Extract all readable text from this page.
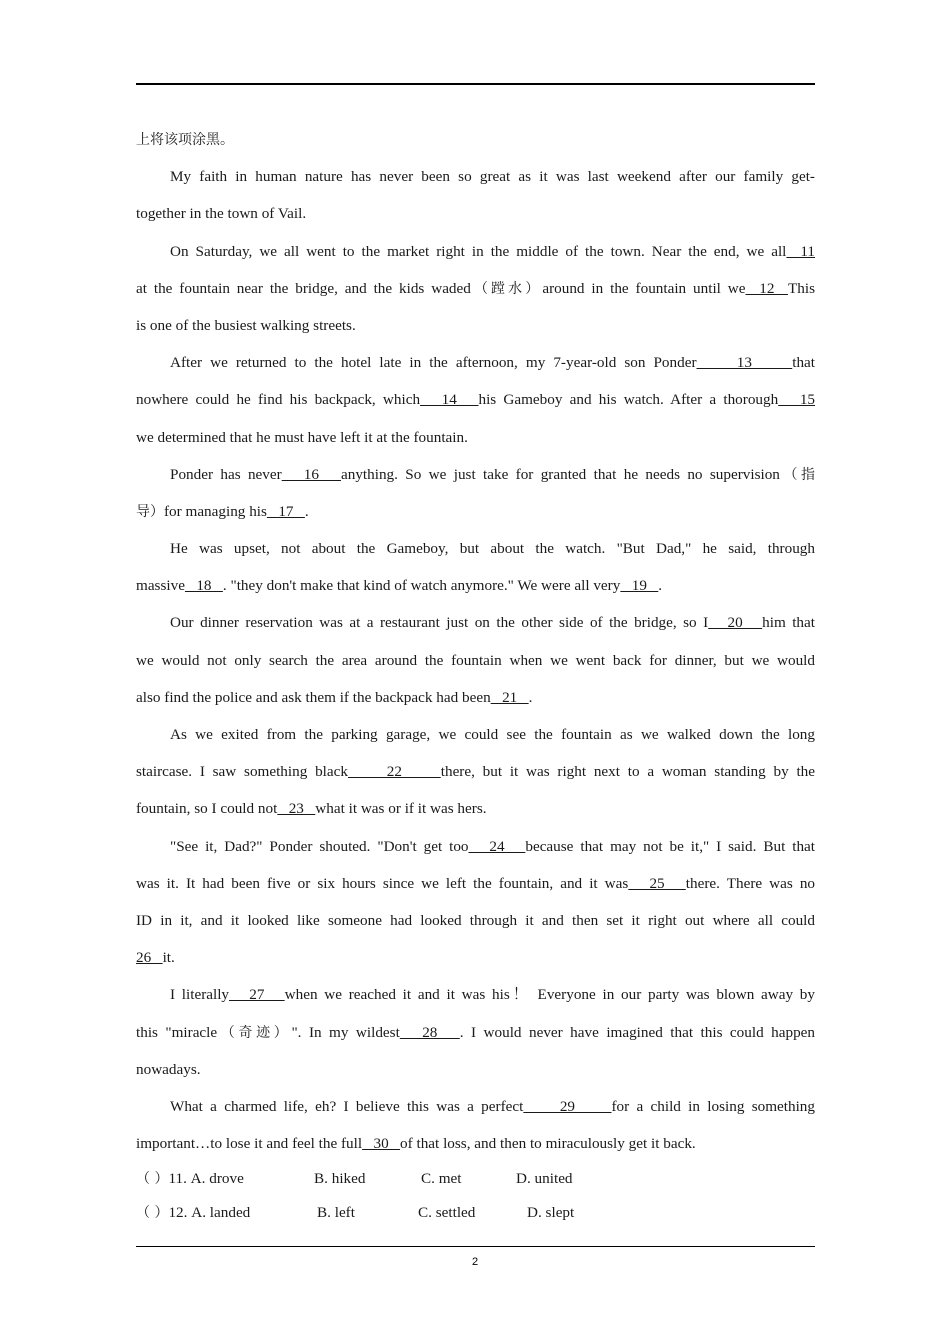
上将该项涂黑。
My faith in human nature has never been so great as it was last weekend after our family get-
together in the town of Vail.
On Saturday, we all went to the market right in the middle of the town. Near the end, we all  11
at the fountain near the bridge, and the kids waded（蹚水）around in the fountain until we  12  This
is one of the busiest walking streets.
After we returned to the hotel late in the afternoon, my 7-year-old son Ponder     13     that
nowhere could he find his backpack, which   14   his Gameboy and his watch. After a thorough   15
we determined that he must have left it at the fountain.
Ponder has never   16   anything. So we just take for granted that he needs no supervision（指
导）for managing his   17   .
He was upset, not about the Gameboy, but about the watch. "But Dad," he said, through
massive   18   . "they don't make that kind of watch anymore." We were all very   19   .
Our dinner reservation was at a restaurant just on the other side of the bridge, so I   20   him that
we would not only search the area around the fountain when we went back for dinner, but we would
also find the police and ask them if the backpack had been   21   .
As we exited from the parking garage, we could see the fountain as we walked down the long
staircase. I saw something black     22     there, but it was right next to a woman standing by the
fountain, so I could not   23   what it was or if it was hers.
"See it, Dad?" Ponder shouted. "Don't get too   24   because that may not be it," I said. But that
was it. It had been five or six hours since we left the fountain, and it was   25   there. There was no
ID in it, and it looked like someone had looked through it and then set it right out where all could
26   it.
I literally   27   when we reached it and it was his！ Everyone in our party was blown away by
this "miracle（奇迹）". In my wildest   28   . I would never have imagined that this could happen
nowadays.
What a charmed life, eh? I believe this was a perfect     29     for a child in losing something
important…to lose it and feel the full   30   of that loss, and then to miraculously get it back.
（ ）11. A. drove	B. hiked	C. met	D. united
（ ）12. A. landed	B. left	C. settled	D. slept
2
